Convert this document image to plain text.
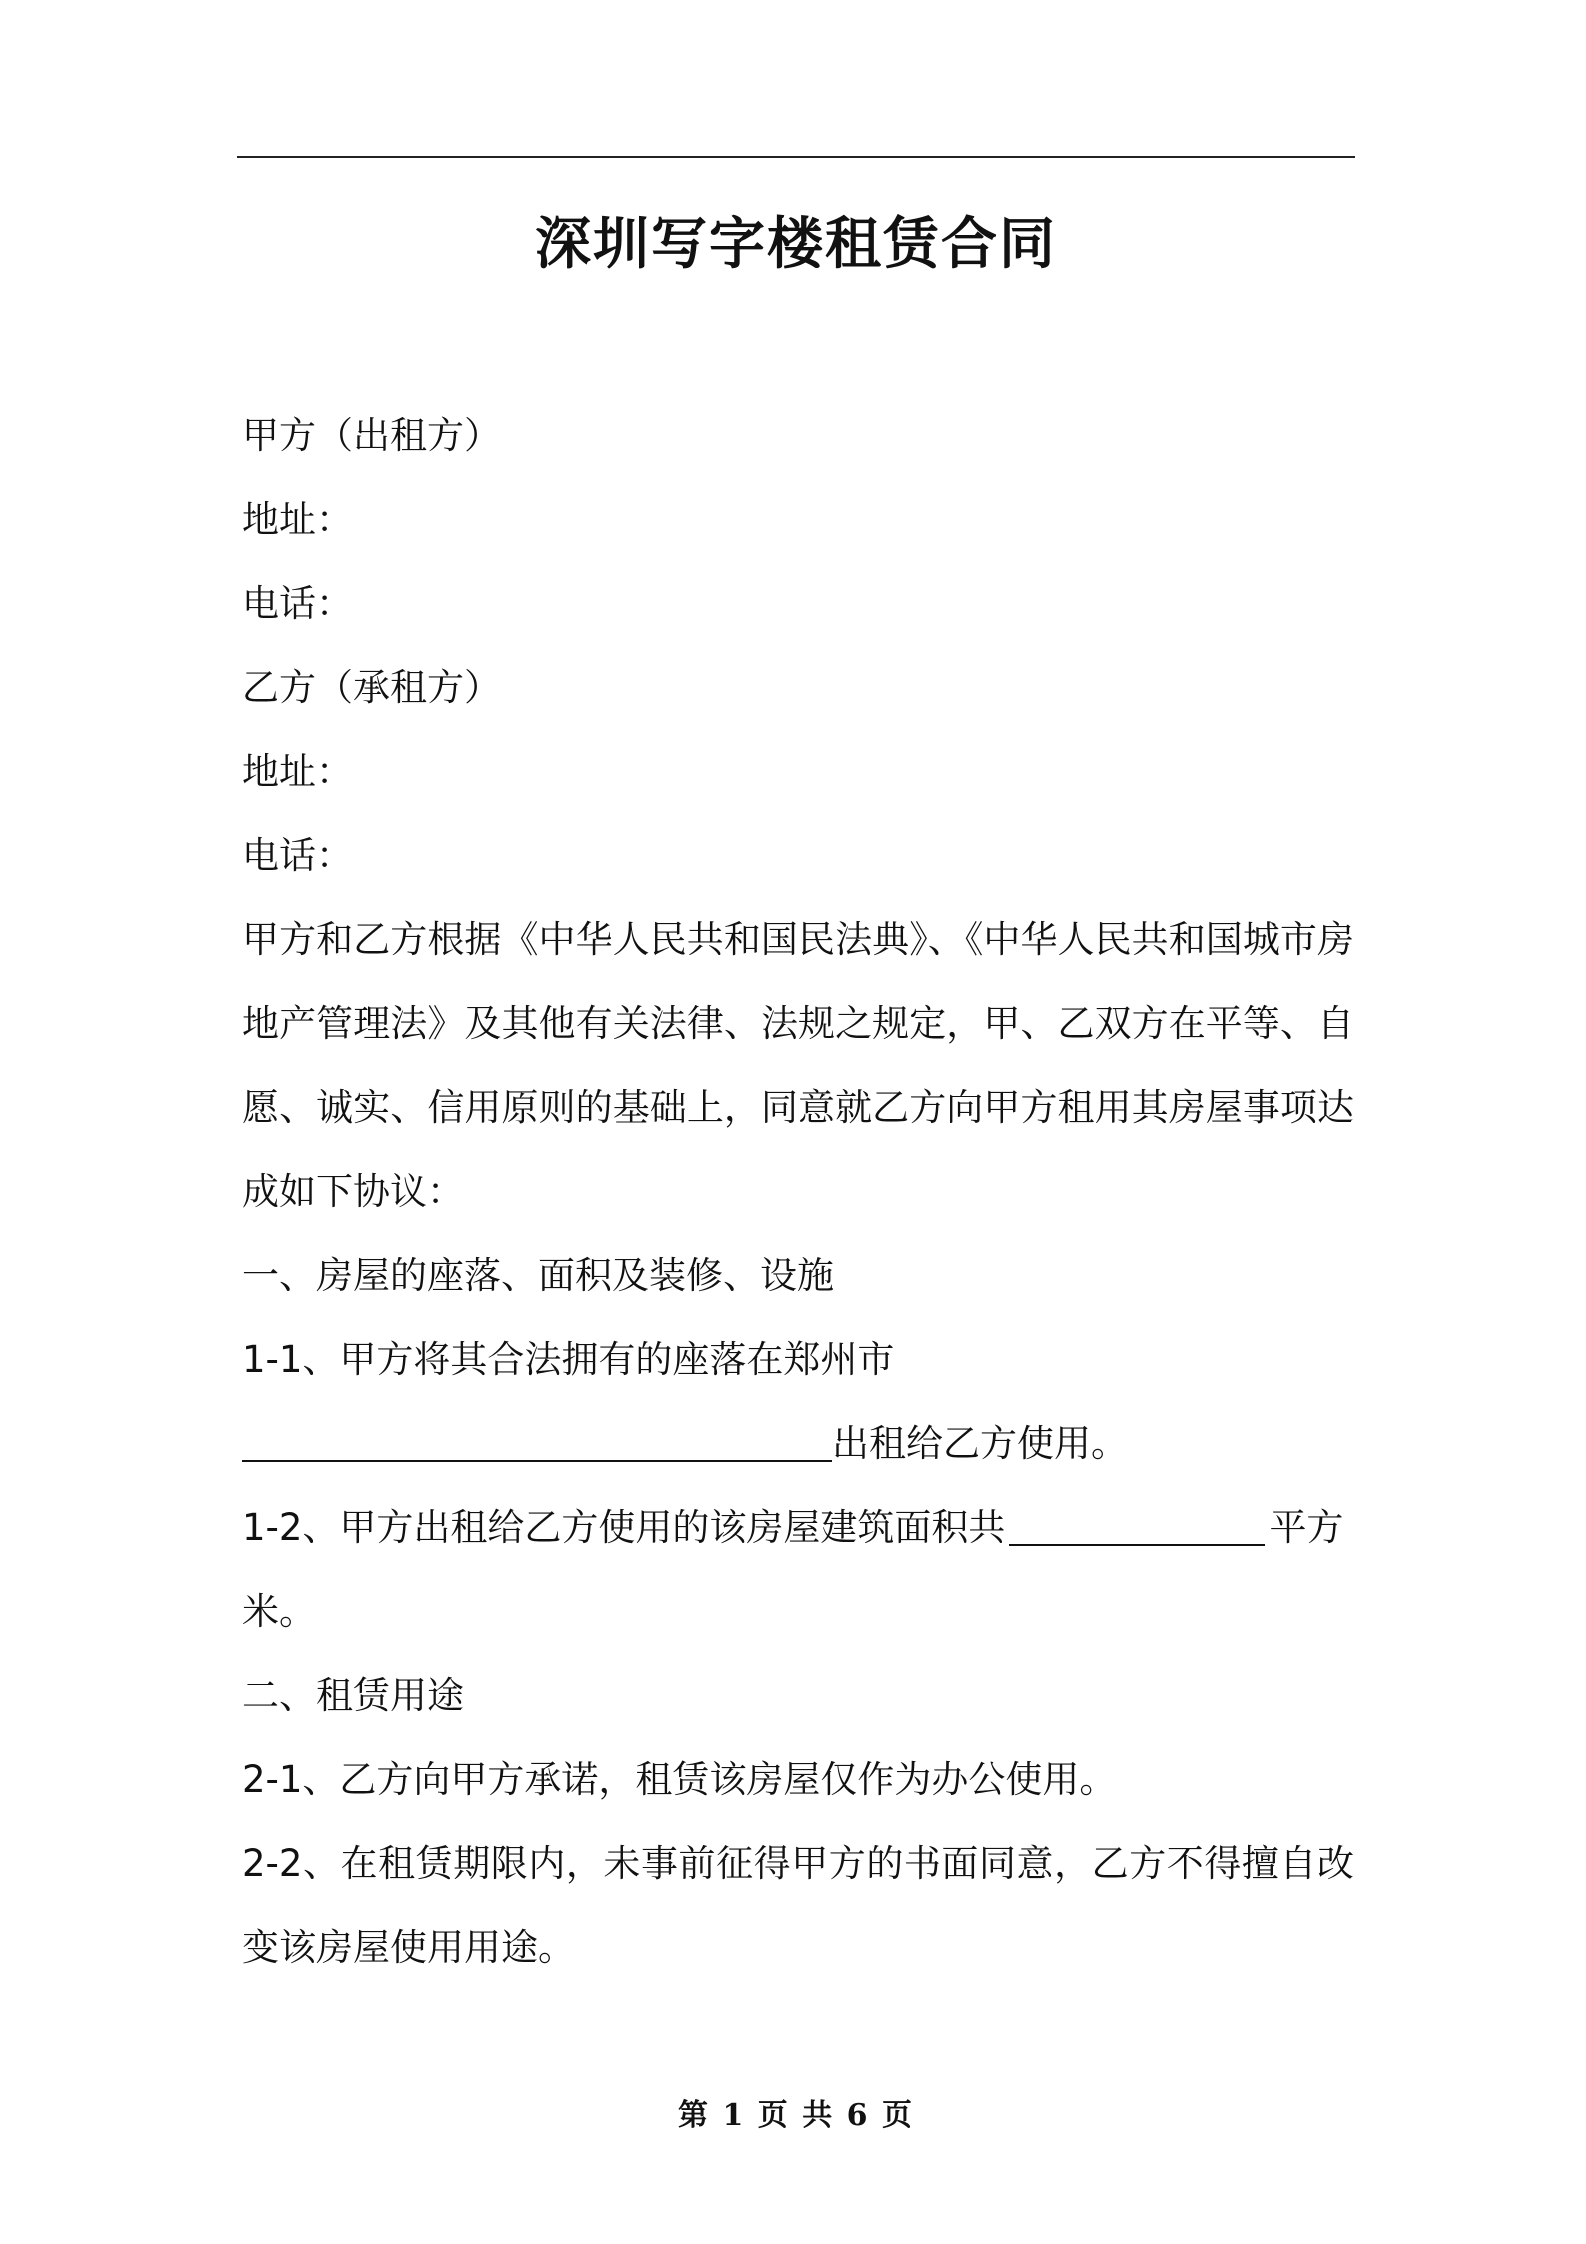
深圳写字楼租赁合同
甲方（出租方）
地址：
电话：
乙方（承租方）
地址：
电话：
甲方和乙方根据《中华人民共和国民法典》、《中华人民共和国城市房地产管理法》及其他有关法律、法规之规定，甲、乙双方在平等、自愿、诚实、信用原则的基础上，同意就乙方向甲方租用其房屋事项达成如下协议：
一、房屋的座落、面积及装修、设施
1-1、甲方将其合法拥有的座落在郑州市
出租给乙方使用。
1-2、甲方出租给乙方使用的该房屋建筑面积共	平方
米。
二、租赁用途
2-1、乙方向甲方承诺，租赁该房屋仅作为办公使用。
2-2、在租赁期限内，未事前征得甲方的书面同意，乙方不得擅自改变该房屋使用用途。
第 1 页 共 6 页
